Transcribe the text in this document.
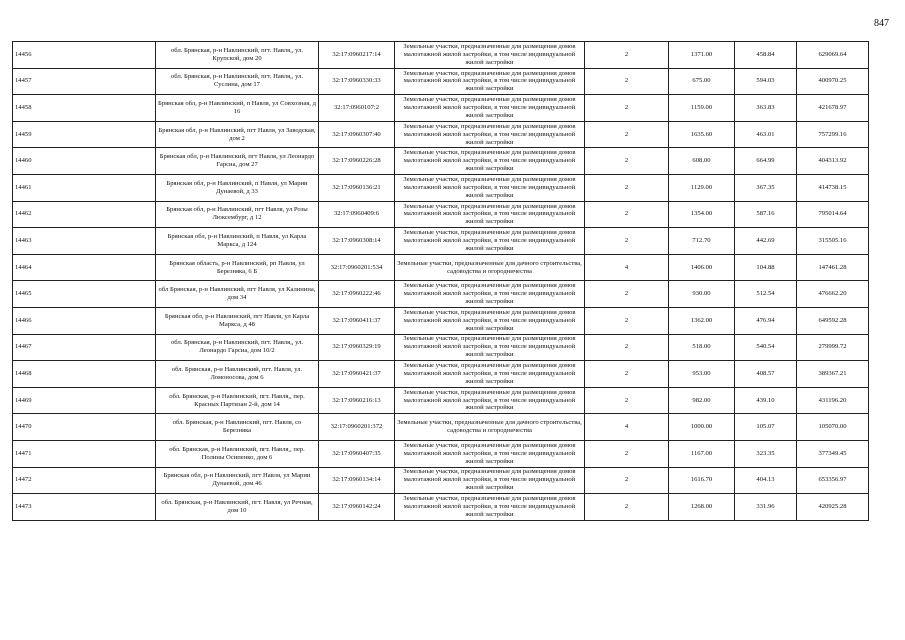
847
14456	обл. Брянская, р-н Навлинский, пгт. Навля,, ул. Крупской, дом 20	32:17:0960217:14	Земельные участки, предназначенные для размещения домов малоэтажной жилой застройки, в том числе индивидуальной жилой застройки	2	1371.00	458.84	629069.64
14457	обл. Брянская, р-н Навлинский, пгт. Навля,, ул. Суслина, дом 17	32:17:0960330:33	Земельные участки, предназначенные для размещения домов малоэтажной жилой застройки, в том числе индивидуальной жилой застройки	2	675.00	594.03	400970.25
14458	Брянская обл, р-н Навлинский, п Навля, ул Совхозная, д 16	32:17:0960107:2	Земельные участки, предназначенные для размещения домов малоэтажной жилой застройки, в том числе индивидуальной жилой застройки	2	1159.00	363.83	421678.97
14459	Брянская обл, р-н Навлинский, пгт Навля, ул Заводская, дом 2	32:17:0960307:40	Земельные участки, предназначенные для размещения домов малоэтажной жилой застройки, в том числе индивидуальной жилой застройки	2	1635.60	463.01	757299.16
14460	Брянская обл, р-н Навлинский, пгт Навля, ул Леонардо Гарсиа, дом 27	32:17:0960226:28	Земельные участки, предназначенные для размещения домов малоэтажной жилой застройки, в том числе индивидуальной жилой застройки	2	608.00	664.99	404313.92
14461	Брянская обл, р-н Навлинский, п Навля, ул Марии Дунаевой, д 33	32:17:0960136:21	Земельные участки, предназначенные для размещения домов малоэтажной жилой застройки, в том числе индивидуальной жилой застройки	2	1129.00	367.35	414738.15
14462	Брянская обл, р-н Навлинский, пгт Навля, ул Розы Люксембург, д 12	32:17:0960409:6	Земельные участки, предназначенные для размещения домов малоэтажной жилой застройки, в том числе индивидуальной жилой застройки	2	1354.00	587.16	795014.64
14463	Брянская обл, р-н Навлинский, п Навля, ул Карла Маркса, д 124	32:17:0960308:14	Земельные участки, предназначенные для размещения домов малоэтажной жилой застройки, в том числе индивидуальной жилой застройки	2	712.70	442.69	315505.16
14464	Брянская область, р-н Навлинский, рп Навля, ул Березняка, 6 Б	32:17:0960201:534	Земельные участки, предназначенные для дачного строительства, садоводства и огородничества	4	1406.00	104.88	147461.28
14465	обл Брянская, р-н Навлинский, пгт Навля, ул Калинина, дом 34	32:17:0960222:46	Земельные участки, предназначенные для размещения домов малоэтажной жилой застройки, в том числе индивидуальной жилой застройки	2	930.00	512.54	476662.20
14466	Брянская обл, р-н Навлинский, пгт Навля, ул Карла Маркса, д 48	32:17:0960411:37	Земельные участки, предназначенные для размещения домов малоэтажной жилой застройки, в том числе индивидуальной жилой застройки	2	1362.00	476.94	649592.28
14467	обл. Брянская, р-н Навлинский, пгт. Навля,, ул. Леонардо Гарсиа, дом 10/2	32:17:0960329:19	Земельные участки, предназначенные для размещения домов малоэтажной жилой застройки, в том числе индивидуальной жилой застройки	2	518.00	540.54	279999.72
14468	обл. Брянская, р-н Навлинский, пгт. Навля, ул. Ломоносова, дом 6	32:17:0960421:37	Земельные участки, предназначенные для размещения домов малоэтажной жилой застройки, в том числе индивидуальной жилой застройки	2	953.00	408.57	389367.21
14469	обл. Брянская, р-н Навлинский, пгт. Навля,, пер. Красных Партизан 2-й, дом 14	32:17:0960216:13	Земельные участки, предназначенные для размещения домов малоэтажной жилой застройки, в том числе индивидуальной жилой застройки	2	982.00	439.10	431196.20
14470	обл. Брянская, р-н Навлинский, пгт. Навля, со Березняка	32:17:0960201:372	Земельные участки, предназначенные для дачного строительства, садоводства и огородничества	4	1000.00	105.07	105070.00
14471	обл. Брянская, р-н Навлинский, пгт. Навля,, пер. Полины Осипенко, дом 6	32:17:0960407:35	Земельные участки, предназначенные для размещения домов малоэтажной жилой застройки, в том числе индивидуальной жилой застройки	2	1167.00	323.35	377349.45
14472	Брянская обл, р-н Навлинский, пгт Навля, ул Марии Дунаевой, дом 46	32:17:0960134:14	Земельные участки, предназначенные для размещения домов малоэтажной жилой застройки, в том числе индивидуальной жилой застройки	2	1616.70	404.13	653356.97
14473	обл. Брянская, р-н Навлинский, пгт. Навля, ул Речная, дом 10	32:17:0960142:24	Земельные участки, предназначенные для размещения домов малоэтажной жилой застройки, в том числе индивидуальной жилой застройки	2	1268.00	331.96	420925.28
